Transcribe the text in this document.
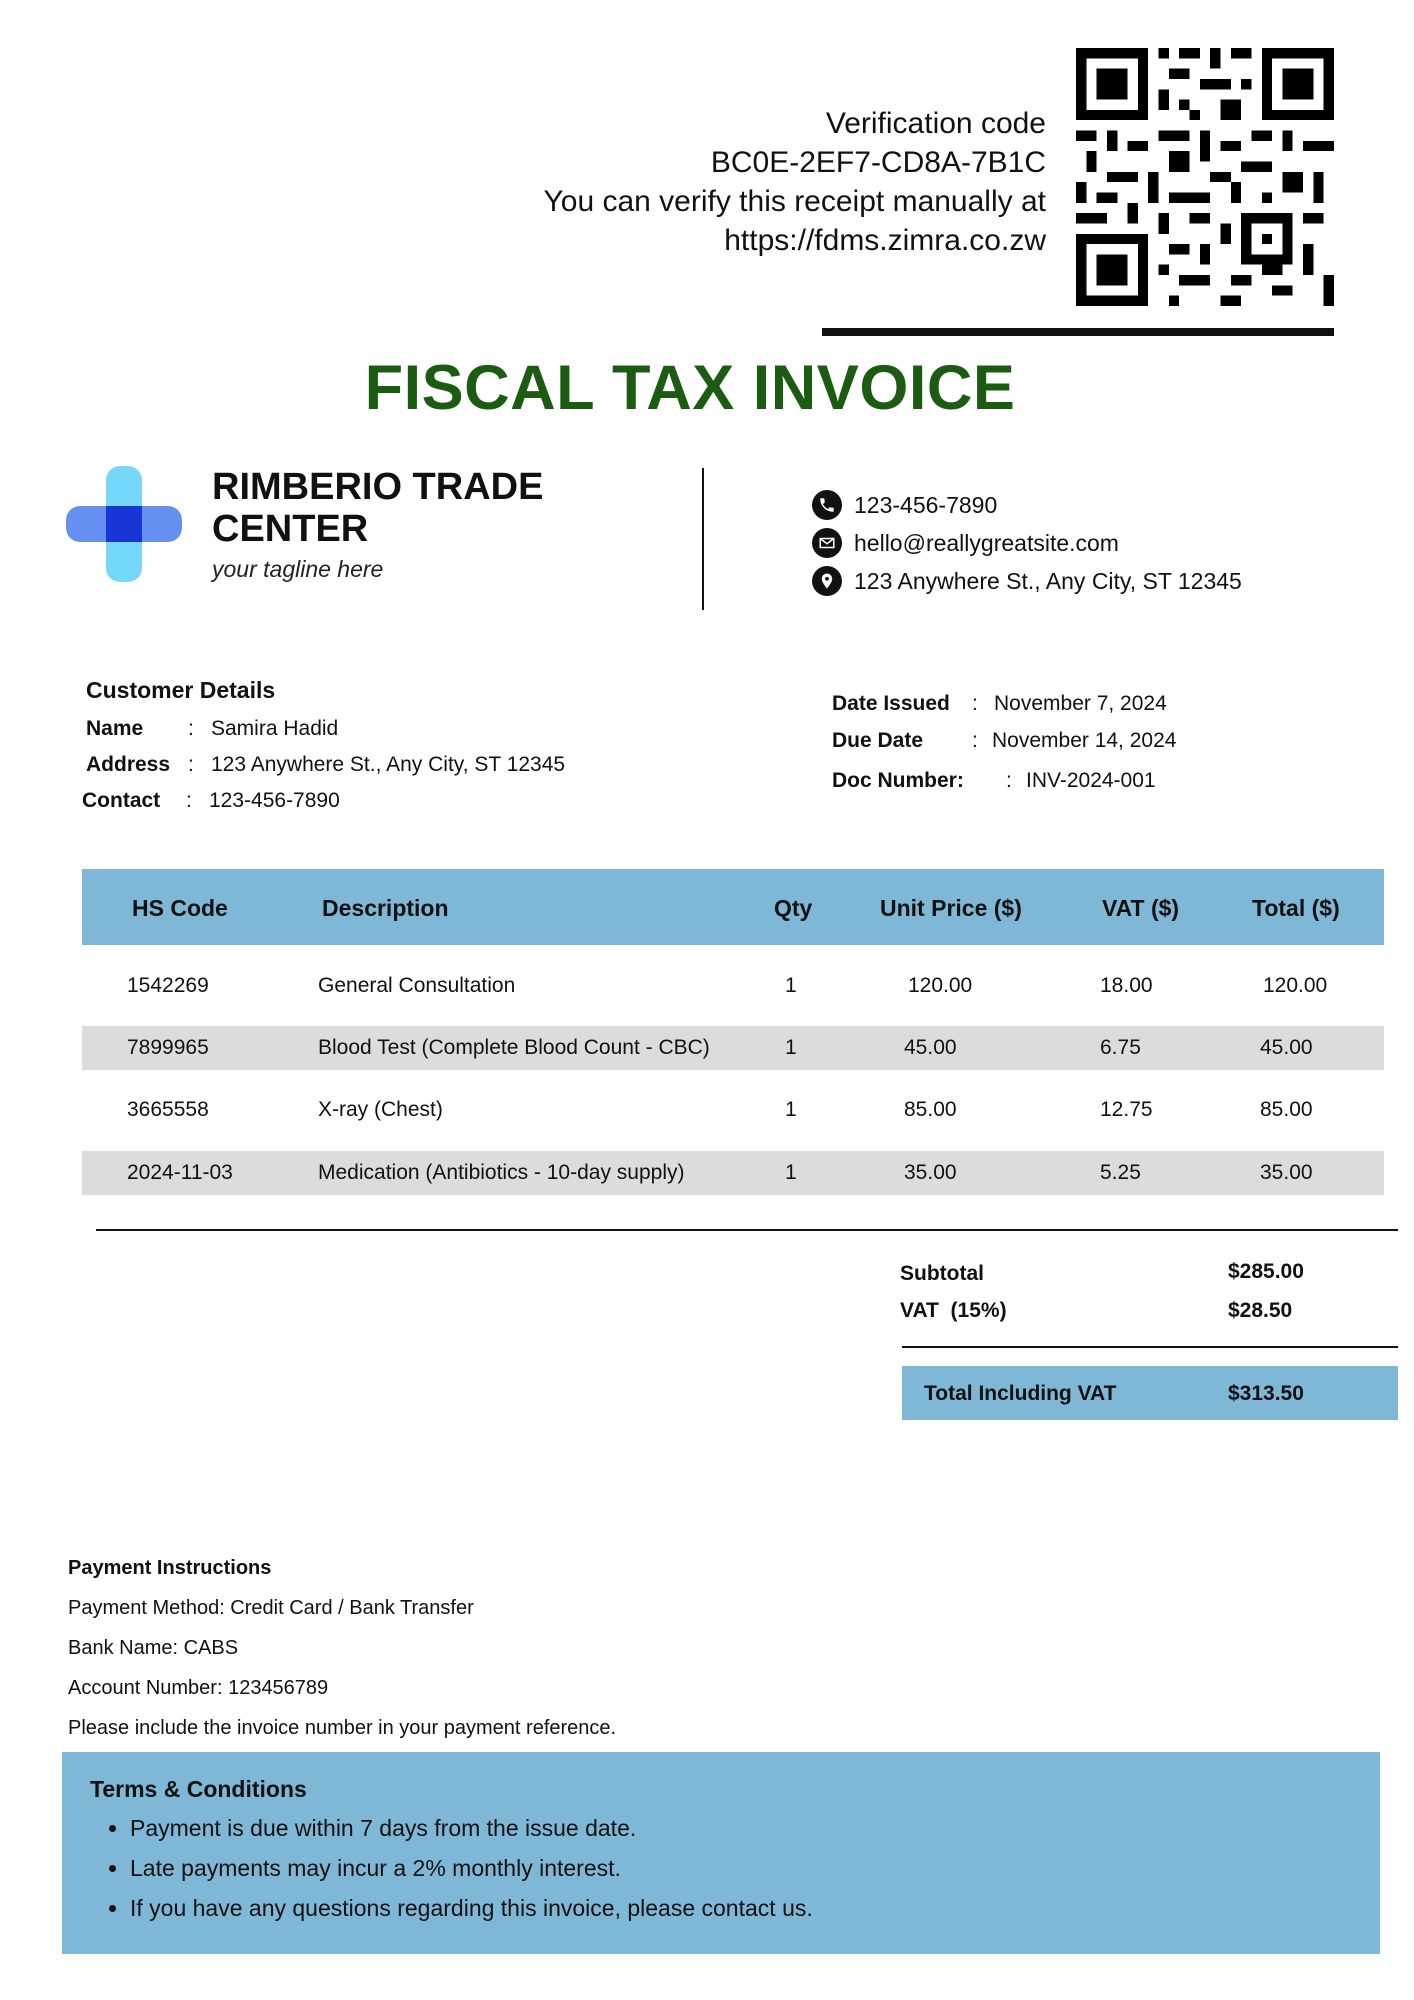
Verification code
BC0E-2EF7-CD8A-7B1C
You can verify this receipt manually at
https://fdms.zimra.co.zw
FISCAL TAX INVOICE
RIMBERIO TRADE CENTER
your tagline here
123-456-7890
hello@reallygreatsite.com
123 Anywhere St., Any City, ST 12345
Customer Details
Name : Samira Hadid
Address : 123 Anywhere St., Any City, ST 12345
Contact : 123-456-7890
Date Issued : November 7, 2024
Due Date : November 14, 2024
Doc Number: : INV-2024-001
HS Code	Description	Qty	Unit Price ($)	VAT ($)	Total ($)
1542269	General Consultation	1	120.00	18.00	120.00
7899965	Blood Test (Complete Blood Count - CBC)	1	45.00	6.75	45.00
3665558	X-ray (Chest)	1	85.00	12.75	85.00
2024-11-03	Medication (Antibiotics - 10-day supply)	1	35.00	5.25	35.00
Subtotal	$285.00
VAT  (15%)	$28.50
Total Including VAT	$313.50
Payment Instructions
Payment Method: Credit Card / Bank Transfer
Bank Name: CABS
Account Number: 123456789
Please include the invoice number in your payment reference.
Terms & Conditions
• Payment is due within 7 days from the issue date.
• Late payments may incur a 2% monthly interest.
• If you have any questions regarding this invoice, please contact us.
